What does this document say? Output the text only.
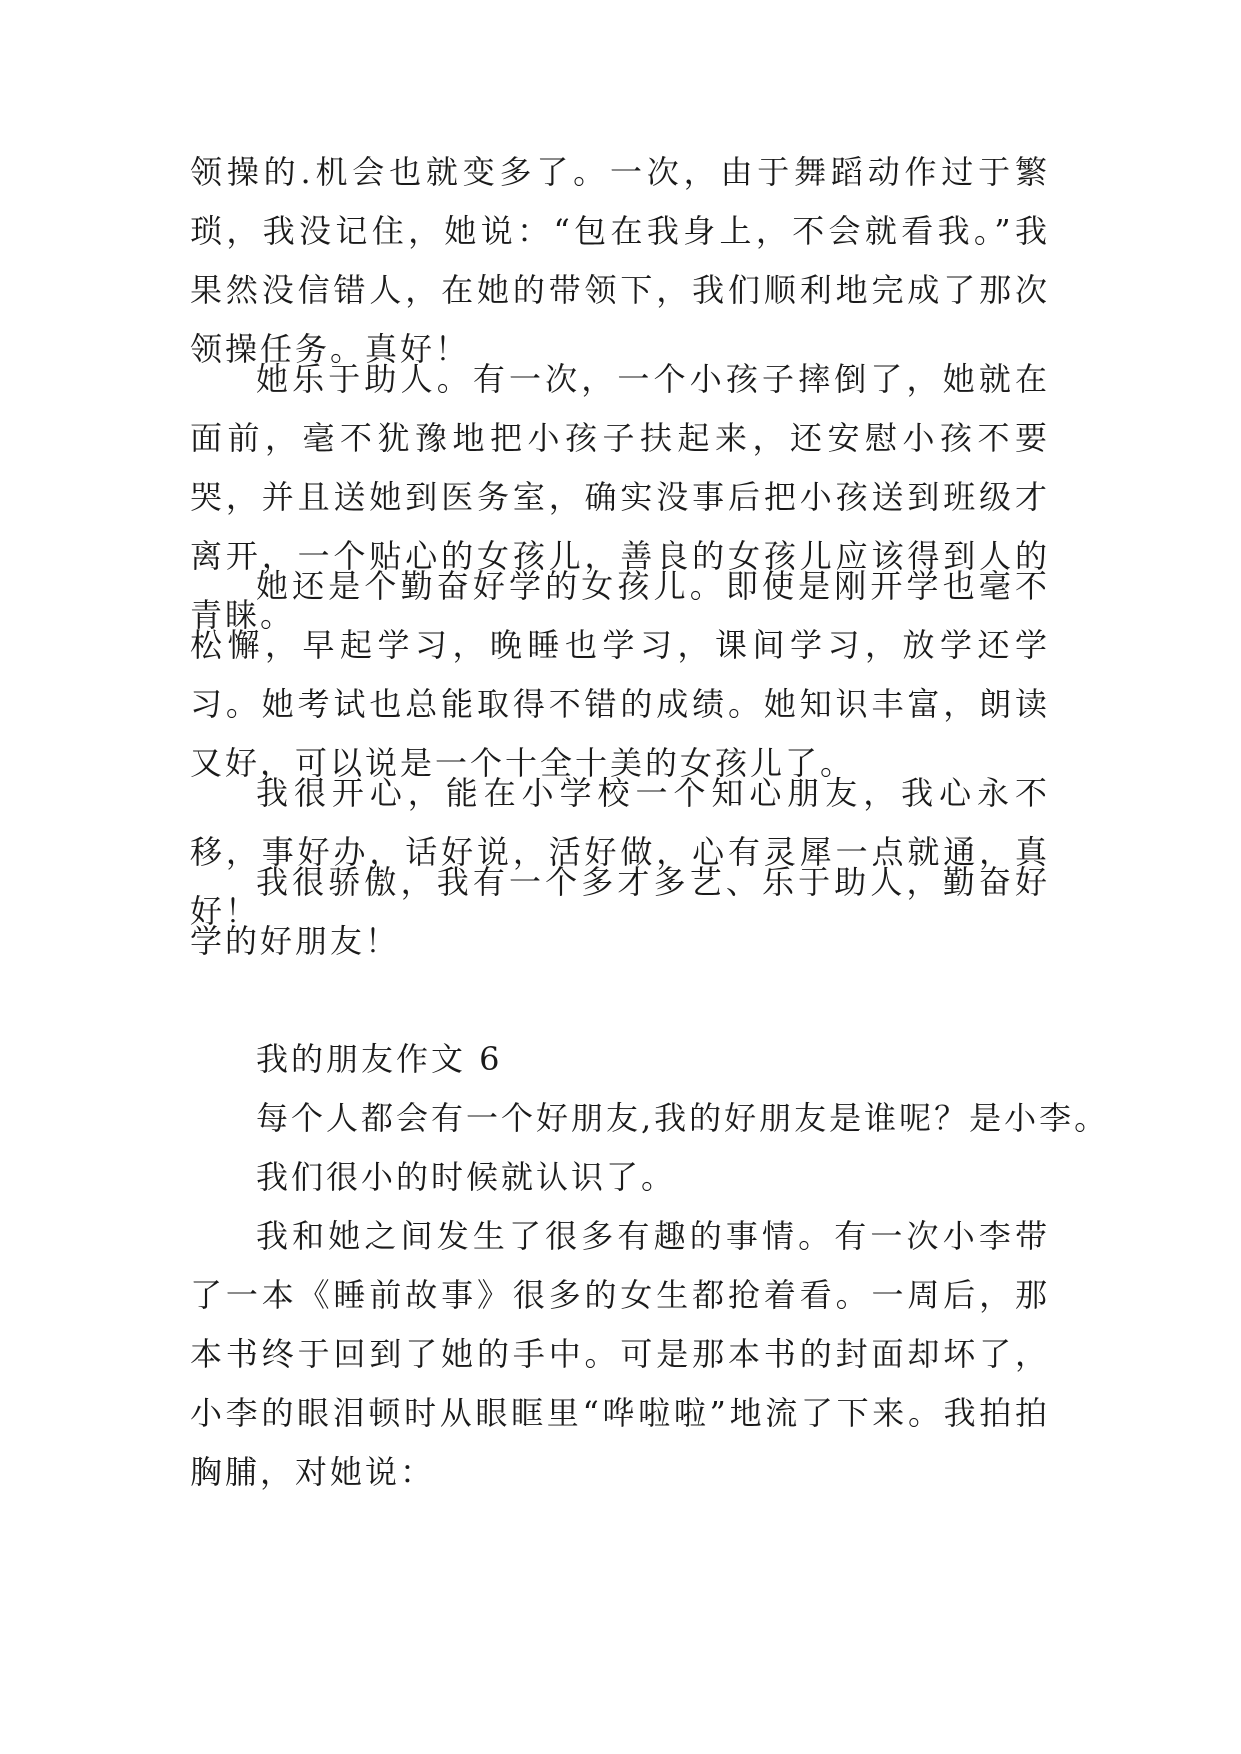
领操的.机会也就变多了。一次，由于舞蹈动作过于繁琐，我没记住，她说：“包在我身上，不会就看我。”我果然没信错人，在她的带领下，我们顺利地完成了那次领操任务。真好！

她乐于助人。有一次，一个小孩子摔倒了，她就在面前，毫不犹豫地把小孩子扶起来，还安慰小孩不要哭，并且送她到医务室，确实没事后把小孩送到班级才离开，一个贴心的女孩儿，善良的女孩儿应该得到人的青睐。

她还是个勤奋好学的女孩儿。即使是刚开学也毫不松懈，早起学习，晚睡也学习，课间学习，放学还学习。她考试也总能取得不错的成绩。她知识丰富，朗读又好，可以说是一个十全十美的女孩儿了。

我很开心，能在小学校一个知心朋友，我心永不移，事好办，话好说，活好做，心有灵犀一点就通，真好！

我很骄傲，我有一个多才多艺、乐于助人，勤奋好学的好朋友！

我的朋友作文 6

每个人都会有一个好朋友,我的好朋友是谁呢？是小李。

我们很小的时候就认识了。

我和她之间发生了很多有趣的事情。有一次小李带了一本《睡前故事》很多的女生都抢着看。一周后，那本书终于回到了她的手中。可是那本书的封面却坏了，小李的眼泪顿时从眼眶里“哗啦啦”地流了下来。我拍拍胸脯，对她说：
